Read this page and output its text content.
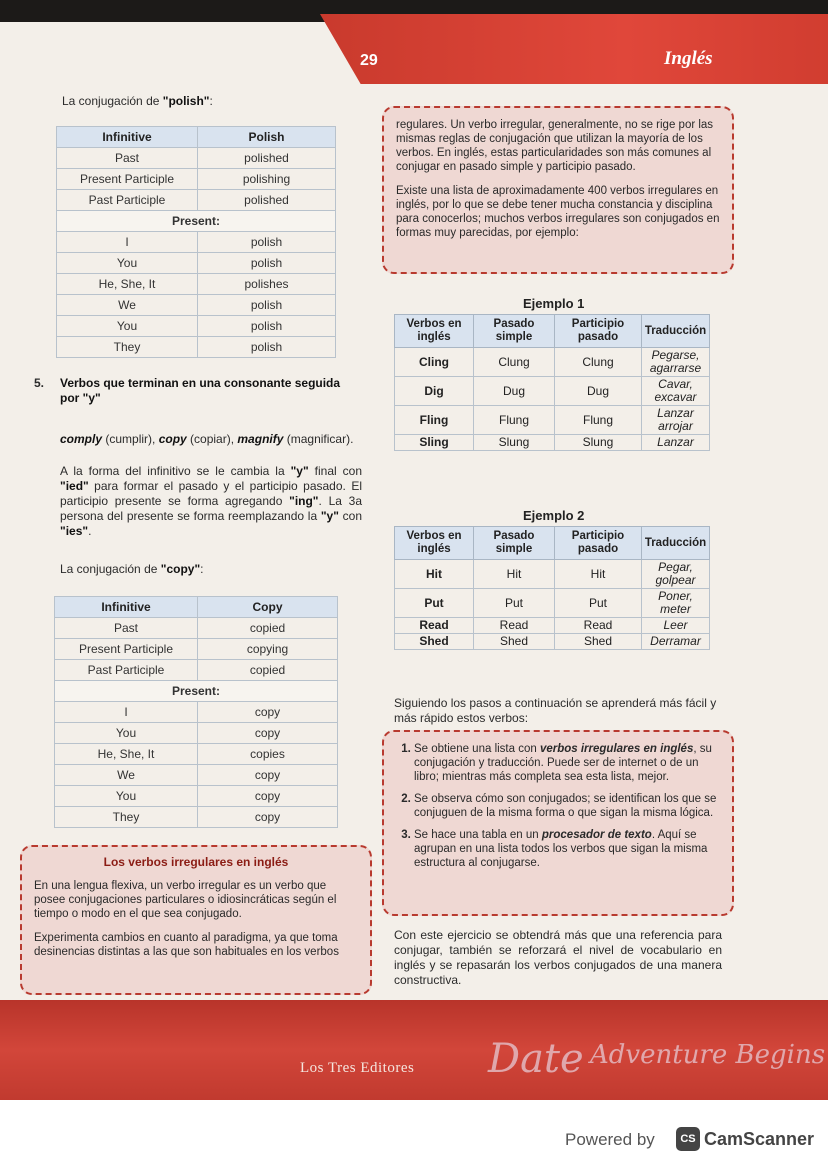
29	Inglés
La conjugación de "polish":
Infinitive	Polish
Past	polished
Present Participle	polishing
Past Participle	polished
Present:	
I	polish
You	polish
He, She, It	polishes
We	polish
You	polish
They	polish
5. Verbos que terminan en una consonante seguida por "y"
comply (cumplir), copy (copiar), magnify (magnificar).
A la forma del infinitivo se le cambia la "y" final con "ied" para formar el pasado y el participio pasado. El participio presente se forma agregando "ing". La 3a persona del presente se forma reemplazando la "y" con "ies".
La conjugación de "copy":
Infinitive	Copy
Past	copied
Present Participle	copying
Past Participle	copied
Present:	
I	copy
You	copy
He, She, It	copies
We	copy
You	copy
They	copy
Los verbos irregulares en inglés

En una lengua flexiva, un verbo irregular es un verbo que posee conjugaciones particulares o idiosincráticas según el tiempo o modo en el que sea conjugado.

Experimenta cambios en cuanto al paradigma, ya que toma desinencias distintas a las que son habituales en los verbos

regulares. Un verbo irregular, generalmente, no se rige por las mismas reglas de conjugación que utilizan la mayoría de los verbos. En inglés, estas particularidades son más comunes al conjugar en pasado simple y participio pasado.

Existe una lista de aproximadamente 400 verbos irregulares en inglés, por lo que se debe tener mucha constancia y disciplina para conocerlos; muchos verbos irregulares son conjugados en formas muy parecidas, por ejemplo:

Ejemplo 1
Verbos en inglés	Pasado simple	Participio pasado	Traducción
Cling	Clung	Clung	Pegarse, agarrarse
Dig	Dug	Dug	Cavar, excavar
Fling	Flung	Flung	Lanzar arrojar
Sling	Slung	Slung	Lanzar
Ejemplo 2
Verbos en inglés	Pasado simple	Participio pasado	Traducción
Hit	Hit	Hit	Pegar, golpear
Put	Put	Put	Poner, meter
Read	Read	Read	Leer
Shed	Shed	Shed	Derramar
Siguiendo los pasos a continuación se aprenderá más fácil y más rápido estos verbos:
1. Se obtiene una lista con verbos irregulares en inglés, su conjugación y traducción. Puede ser de internet o de un libro; mientras más completa sea esta lista, mejor.
2. Se observa cómo son conjugados; se identifican los que se conjuguen de la misma forma o que sigan la misma lógica.
3. Se hace una tabla en un procesador de texto. Aquí se agrupan en una lista todos los verbos que sigan la misma estructura al conjugarse.
Con este ejercicio se obtendrá más que una referencia para conjugar, también se reforzará el nivel de vocabulario en inglés y se repasarán los verbos conjugados de una manera constructiva.
Los Tres Editores Date Adventure Begins
Powered by	CS CamScanner
